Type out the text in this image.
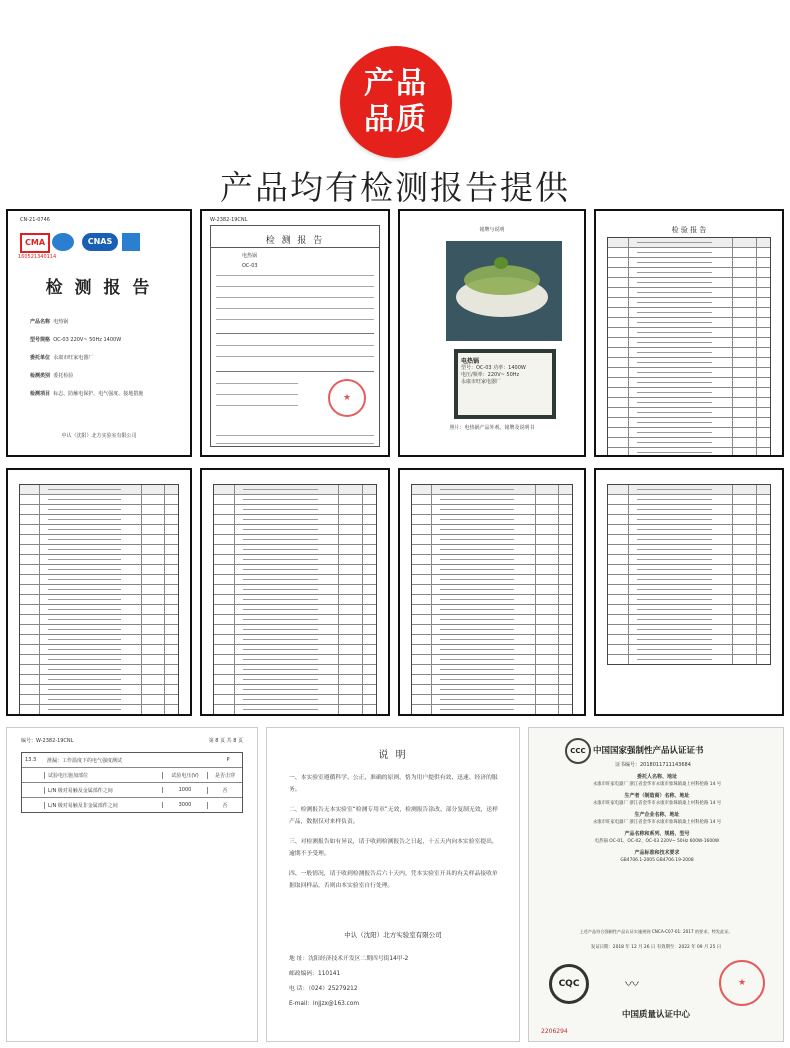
产品
品质
产品均有检测报告提供
CN-21-0746
CMA	CNAS
160521340114
检 测 报 告
产品名称 电热锅
型号规格 OC-03 220V~ 50Hz 1400W
委托单位 永康市旺家电器厂
检测类别 委托检验
检测项目 标志、防触电保护、电气强度、接地措施
中认（沈阳）北方实验室有限公司
W-2382-19CNL
检 测 报 告
电热锅
OC-03
★
铭牌与说明
电热锅
型号：OC-03 功率：1400W
电压/频率：220V~ 50Hz
永康市旺家电器厂
照片：电热锅产品外观、铭牌及说明书
检 验 报 告
编号：W-2382-19CNL	第 8 页 共 8 页
13.3	泄漏：工作温度下的电气强度测试	P
试验电压施加部位	试验电压(V)	是否击穿
L/N 极对易触及金属部件之间	1000	否
L/N 极对易触及非金属部件之间	3000	否
说 明
一、本实验室遵循科学、公正、准确的原则，恪为用户提供有效、迅速、经济的服务。
二、检测报告无本实验室“检测专用章”无效，检测报告涂改、部分复制无效，送样产品，数据仅对来样负责。
三、对检测报告如有异议，请于收到检测报告之日起，十五天内向本实验室提出，逾期不予受理。
四、一般情况，请于收到检测报告后六十天内，凭本实验室开具的有关样品接收单据取回样品，否则由本实验室自行处理。
中认（沈阳）北方实验室有限公司
地 址：沈阳经济技术开发区二期四号街14甲-2
邮政编码：110141
电 话：（024）25279212
E-mail：lnjjzx@163.com
CCC 中国国家强制性产品认证证书
证书编号：2018011711143684
委托人名称、地址
永康市旺家电器厂 浙江省金华市永康市象珠镇桑上村科伦路 14 号
生产者（制造商）名称、地址
永康市旺家电器厂 浙江省金华市永康市象珠镇桑上村科伦路 14 号
生产企业名称、地址
永康市旺家电器厂 浙江省金华市永康市象珠镇桑上村科伦路 14 号
产品名称和系列、规格、型号
电热锅 OC-01、OC-02、OC-03 220V~ 50Hz 600W-1600W
产品标准和技术要求
GB4706.1-2005 GB4706.19-2008
上述产品符合强制性产品认证实施规则 CNCA-C07-01: 2017 的要求，特发此证。
发证日期：2018 年 12 月 26 日 有效期至：2022 年 09 月 25 日
CQC	〰
★
中国质量认证中心
2206294
